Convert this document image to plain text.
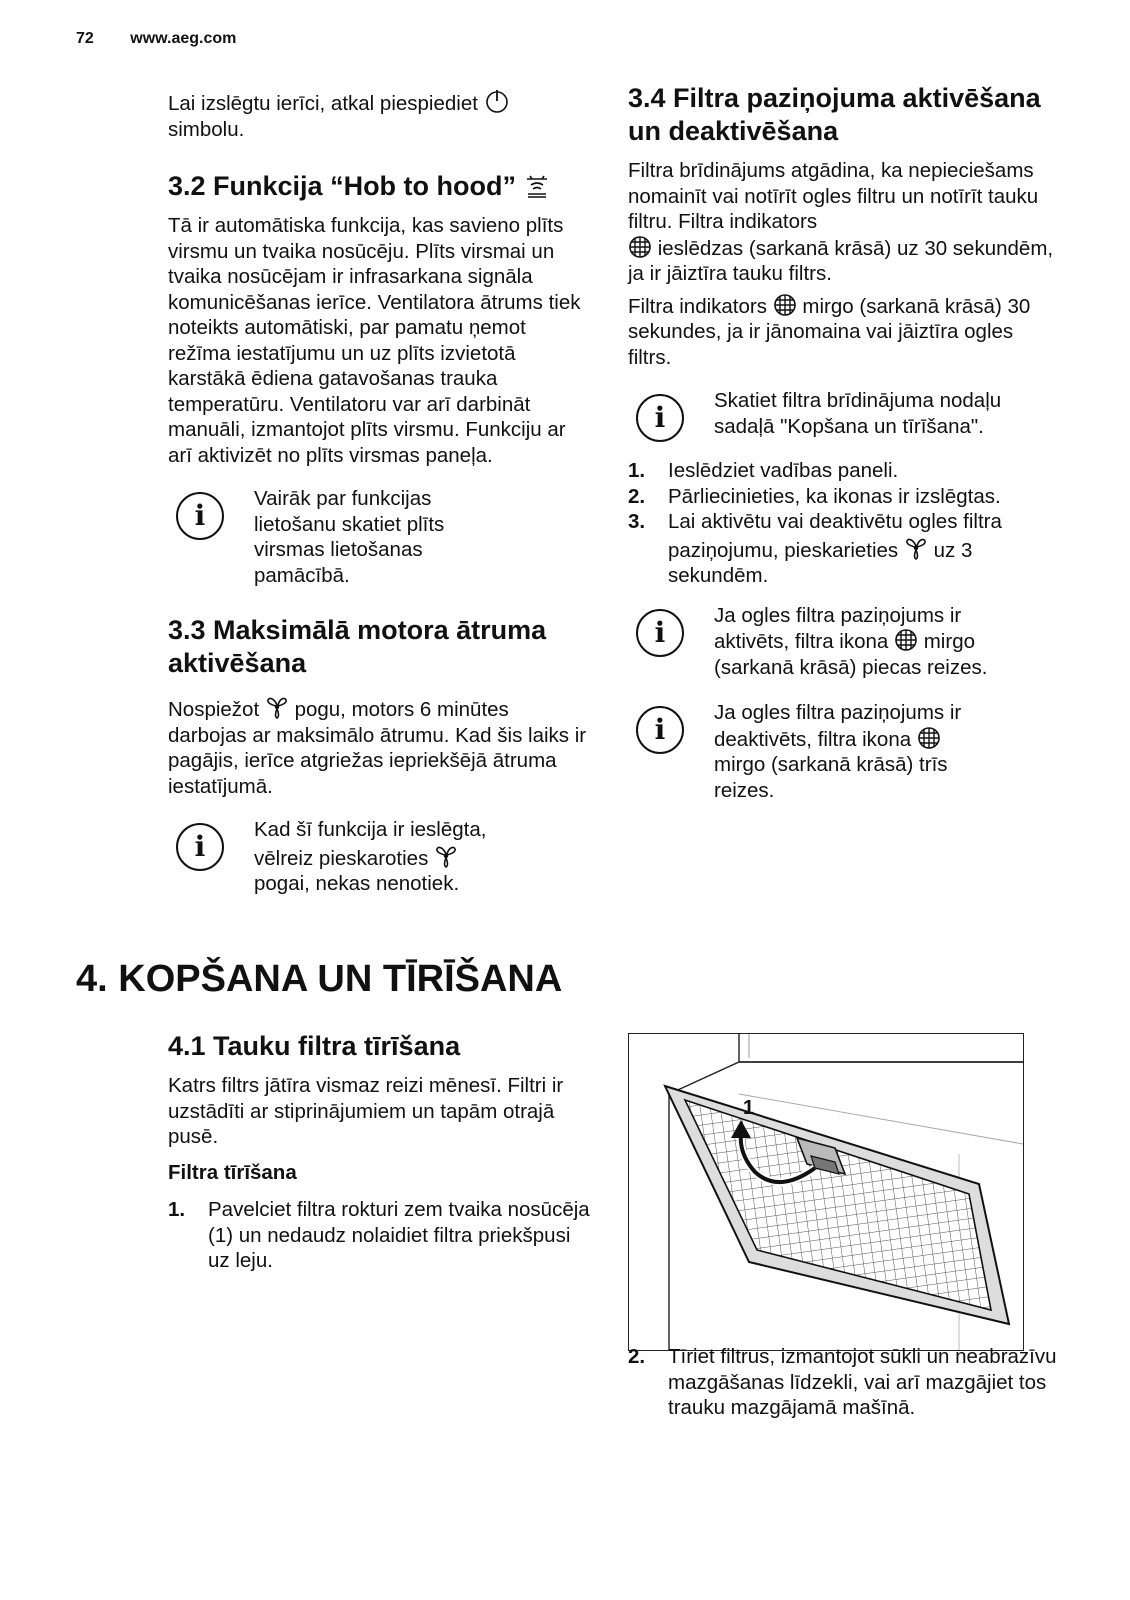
72 www.aeg.com

Lai izslēgtu ierīci, atkal piespiediet
simbolu.

3.2 Funkcija “Hob to hood”

Tā ir automātiska funkcija, kas savieno plīts virsmu un tvaika nosūcēju. Plīts virsmai un tvaika nosūcējam ir infrasarkana signāla komunicēšanas ierīce. Ventilatora ātrums tiek noteikts automātiski, par pamatu ņemot režīma iestatījumu un uz plīts izvietotā karstākā ēdiena gatavošanas trauka temperatūru. Ventilatoru var arī darbināt manuāli, izmantojot plīts virsmu. Funkciju ar arī aktivizēt no plīts virsmas paneļa.

i

Vairāk par funkcijas lietošanu skatiet plīts virsmas lietošanas pamācībā.

3.3 Maksimālā motora ātruma aktivēšana

Nospiežot pogu, motors 6 minūtes darbojas ar maksimālo ātrumu. Kad šis laiks ir pagājis, ierīce atgriežas iepriekšējā ātruma iestatījumā.

i

Kad šī funkcija ir ieslēgta,
vēlreiz pieskaroties
pogai, nekas nenotiek.

3.4 Filtra paziņojuma aktivēšana un deaktivēšana

Filtra brīdinājums atgādina, ka nepieciešams nomainīt vai notīrīt ogles filtru un notīrīt tauku filtru. Filtra indikators
ieslēdzas (sarkanā krāsā) uz 30 sekundēm, ja ir jāiztīra tauku filtrs.

Filtra indikators mirgo (sarkanā krāsā) 30 sekundes, ja ir jānomaina vai jāiztīra ogles filtrs.

i

Skatiet filtra brīdinājuma nodaļu sadaļā "Kopšana un tīrīšana".

1.	Ieslēdziet vadības paneli.
2.	Pārliecinieties, ka ikonas ir izslēgtas.
3.	Lai aktivētu vai deaktivētu ogles filtra
paziņojumu, pieskarieties uz 3 sekundēm.
i

Ja ogles filtra paziņojums ir
aktivēts, filtra ikona mirgo (sarkanā krāsā) piecas reizes.

i

Ja ogles filtra paziņojums ir
deaktivēts, filtra ikona
mirgo (sarkanā krāsā) trīs reizes.

4. KOPŠANA UN TĪRĪŠANA
4.1 Tauku filtra tīrīšana

Katrs filtrs jātīra vismaz reizi mēnesī. Filtri ir uzstādīti ar stiprinājumiem un tapām otrajā pusē.

Filtra tīrīšana

1.	Pavelciet filtra rokturi zem tvaika nosūcēja (1) un nedaudz nolaidiet filtra priekšpusi uz leju.
1
2.	Tīriet filtrus, izmantojot sūkli un neabrazīvu mazgāšanas līdzekli, vai arī mazgājiet tos trauku mazgājamā mašīnā.
